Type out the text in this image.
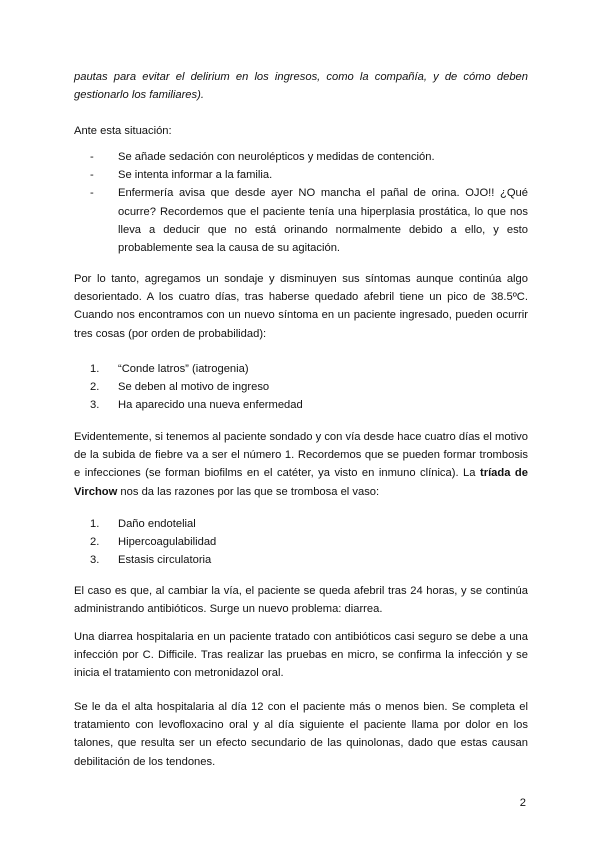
pautas para evitar el delirium en los ingresos, como la compañía, y de cómo deben gestionarlo los familiares).

Ante esta situación:

- Se añade sedación con neurolépticos y medidas de contención.
- Se intenta informar a la familia.
- Enfermería avisa que desde ayer NO mancha el pañal de orina. OJO!! ¿Qué ocurre? Recordemos que el paciente tenía una hiperplasia prostática, lo que nos lleva a deducir que no está orinando normalmente debido a ello, y esto probablemente sea la causa de su agitación.

Por lo tanto, agregamos un sondaje y disminuyen sus síntomas aunque continúa algo desorientado. A los cuatro días, tras haberse quedado afebril tiene un pico de 38.5ºC. Cuando nos encontramos con un nuevo síntoma en un paciente ingresado, pueden ocurrir tres cosas (por orden de probabilidad):

1. “Conde latros” (iatrogenia)
2. Se deben al motivo de ingreso
3. Ha aparecido una nueva enfermedad

Evidentemente, si tenemos al paciente sondado y con vía desde hace cuatro días el motivo de la subida de fiebre va a ser el número 1. Recordemos que se pueden formar trombosis e infecciones (se forman biofilms en el catéter, ya visto en inmuno clínica). La tríada de Virchow nos da las razones por las que se trombosa el vaso:

1. Daño endotelial
2. Hipercoagulabilidad
3. Estasis circulatoria

El caso es que, al cambiar la vía, el paciente se queda afebril tras 24 horas, y se continúa administrando antibióticos. Surge un nuevo problema: diarrea.

Una diarrea hospitalaria en un paciente tratado con antibióticos casi seguro se debe a una infección por C. Difficile. Tras realizar las pruebas en micro, se confirma la infección y se inicia el tratamiento con metronidazol oral.

Se le da el alta hospitalaria al día 12 con el paciente más o menos bien. Se completa el tratamiento con levofloxacino oral y al día siguiente el paciente llama por dolor en los talones, que resulta ser un efecto secundario de las quinolonas, dado que estas causan debilitación de los tendones.

2
